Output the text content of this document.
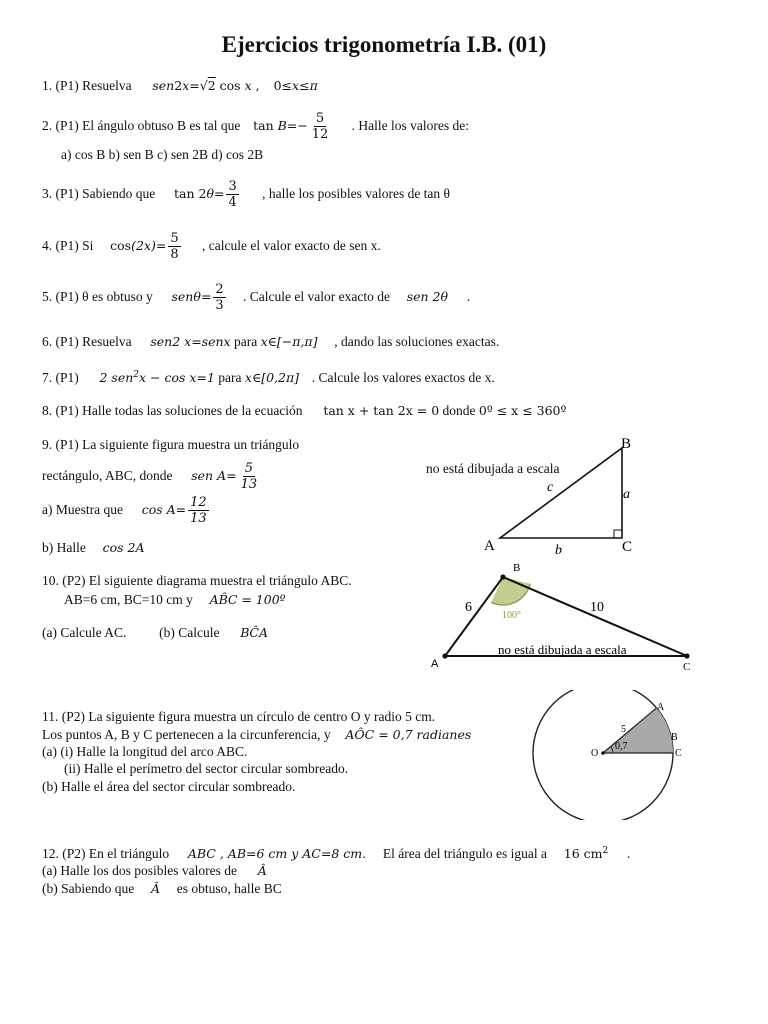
Ejercicios trigonometría I.B. (01)
1. (P1) Resuelva sen2x=√2 cos x , 0≤x≤π
2. (P1) El ángulo obtuso B es tal que $\tan B=- \frac{5}{12}$ . Halle los valores de:
a) cos B b) sen B c) sen 2B d) cos 2B
3. (P1) Sabiendo que $\tan 2\theta= \frac{3}{4}$ , halle los posibles valores de tan θ
4. (P1) Si $\cos(2x)= \frac{5}{8}$ , calcule el valor exacto de sen x.
5. (P1) θ es obtuso y $sen\theta= \frac{2}{3}$ . Calcule el valor exacto de sen 2θ .
6. (P1) Resuelva sen2 x=senx para x∈[−π,π] , dando las soluciones exactas.
7. (P1) 2 sen$^2$x − cos x=1 para x∈[0,2π] . Calcule los valores exactos de x.
8. (P1) Halle todas las soluciones de la ecuación tan x + tan 2x = 0 donde 0º ≤ x ≤ 360º
9. (P1) La siguiente figura muestra un triángulo
rectángulo, ABC, donde sen $A= \frac{5}{13}$	no está dibujada a escala
a) Muestra que $\cos A= \frac{12}{13}$
b) Halle cos 2A	A
B
C
a
b
c
10. (P2) El siguiente diagrama muestra el triángulo ABC.
AB=6 cm, BC=10 cm y AB̂C = 100º
(a) Calcule AC. (b) Calcule BĈA
A
B
C
6	10
100°
no está dibujada a escala
11. (P2) La siguiente figura muestra un círculo de centro O y radio 5 cm.
Los puntos A, B y C pertenecen a la circunferencia, y AÔC = 0,7 radianes
(a) (i) Halle la longitud del arco ABC.
(ii) Halle el perímetro del sector circular sombreado.
(b) Halle el área del sector circular sombreado.
O
A
B
C
5
0,7
12. (P2) En el triángulo ABC , AB=6 cm y AC=8 cm. El área del triángulo es igual a 16 $cm^2$ .
(a) Halle los dos posibles valores de Â
(b) Sabiendo que Â es obtuso, halle BC
